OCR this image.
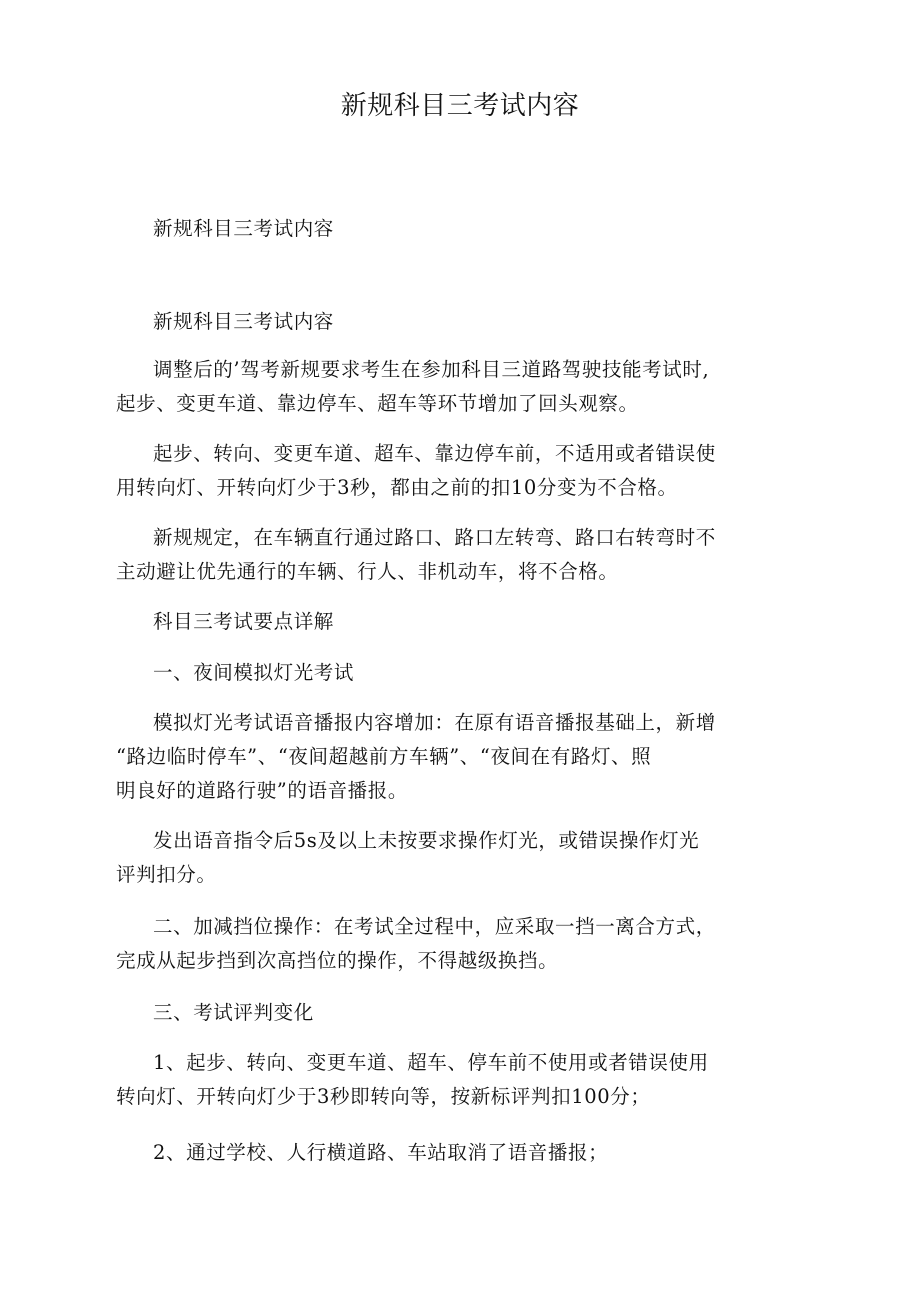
新规科目三考试内容

新规科目三考试内容

新规科目三考试内容

调整后的’驾考新规要求考生在参加科目三道路驾驶技能考试时,
起步、变更车道、靠边停车、超车等环节增加了回头观察。

起步、转向、变更车道、超车、靠边停车前，不适用或者错误使
用转向灯、开转向灯少于3秒，都由之前的扣10分变为不合格。

新规规定，在车辆直行通过路口、路口左转弯、路口右转弯时不
主动避让优先通行的车辆、行人、非机动车，将不合格。

科目三考试要点详解

一、夜间模拟灯光考试

模拟灯光考试语音播报内容增加：在原有语音播报基础上，新增
“路边临时停车”、“夜间超越前方车辆”、“夜间在有路灯、照
明良好的道路行驶”的语音播报。

发出语音指令后5s及以上未按要求操作灯光，或错误操作灯光
评判扣分。

二、加减挡位操作：在考试全过程中，应采取一挡一离合方式，
完成从起步挡到次高挡位的操作，不得越级换挡。

三、考试评判变化

1、起步、转向、变更车道、超车、停车前不使用或者错误使用
转向灯、开转向灯少于3秒即转向等，按新标评判扣100分；

2、通过学校、人行横道路、车站取消了语音播报；
